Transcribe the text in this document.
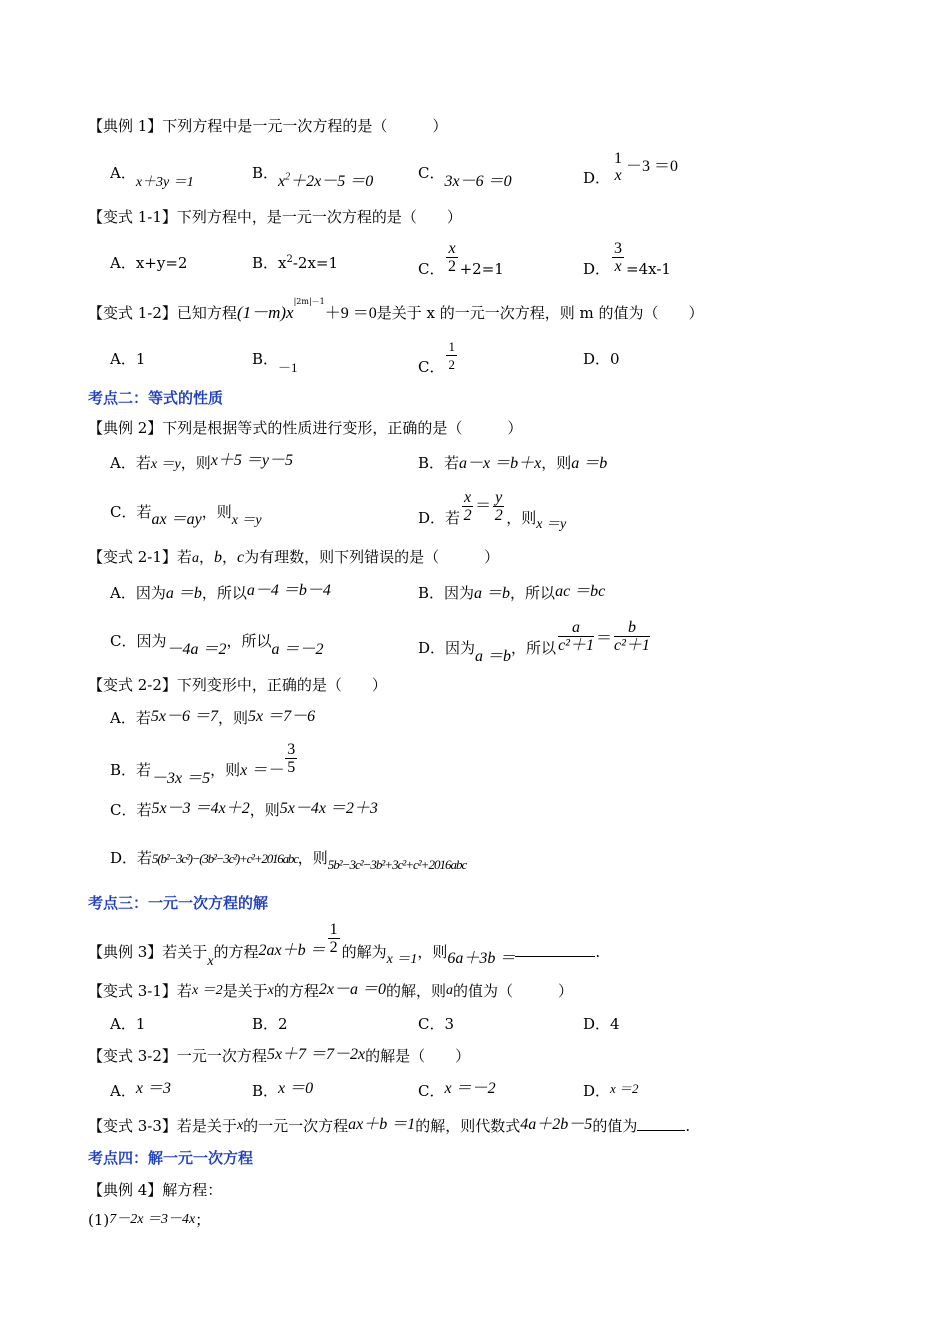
【典例 1】下列方程中是一元一次方程的是（　　　）
A．x＋3y ＝1
B．$x^2+2x-5 =0$	C．3x－6 ＝0	D．
1
x
－3 ＝0
【变式 1-1】下列方程中，是一元一次方程的是（　　）
A．x+y=2	B．$x^2-2x=1$	C． $\frac{x}{2} +2=1$	D． $\frac{3}{x} =4x-1$
【变式 1-2】已知方程$(1-m)x^{|2m|-1}+9 =0$是关于 x 的一元一次方程，则 m 的值为（　　）
A．1	B．－1	C． $\frac{1}{2}$	D．0
考点二：等式的性质
【典例 2】下列是根据等式的性质进行变形，正确的是（　　　）
A．若x ＝y，则x＋5 ＝y－5	B．若a－x ＝b＋x，则a ＝b
C．若ax ＝ay，则x ＝y	D．若 $\frac{x}{2} = \frac{y}{2}$ ，则x ＝y
【变式 2-1】若a，b，c为有理数，则下列错误的是（　　　）
A．因为a ＝b，所以a－4 ＝b－4	B．因为a ＝b，所以ac ＝bc
C．因为－4a ＝2，所以a ＝－2	D．因为a ＝b，所以 $\frac{a}{\text{c²＋1}} = \frac{b}{\text{c²＋1}}$
【变式 2-2】下列变形中，正确的是（　　）
A．若5x－6 ＝7，则5x ＝7－6
B．若－3x ＝5，则$x =- \frac{3}{5}$
C．若5x－3 ＝4x＋2，则5x－4x ＝2＋3
D．若5(b²−3c²)−(3b²−3c²)+c²+2016abc，则5b²−3c²−3b²+3c²+c²+2016abc
考点三：一元一次方程的解
【典例 3】若关于x的方程$2ax+b = \frac{1}{2}$ 的解为x ＝1，则6a＋3b ＝	.
【变式 3-1】若x ＝2是关于x的方程2x－a ＝0的解，则a的值为（　　　）
A．1	B．2	C．3	D．4
【变式 3-2】一元一次方程5x＋7 ＝7－2x的解是（　　）
A．x ＝3	B．x ＝0	C．x ＝－2	D．x ＝2
【变式 3-3】若是关于x的一元一次方程ax＋b ＝1的解，则代数式4a＋2b－5的值为	.
考点四：解一元一次方程
【典例 4】解方程：
(1)7－2x ＝3－4x；
